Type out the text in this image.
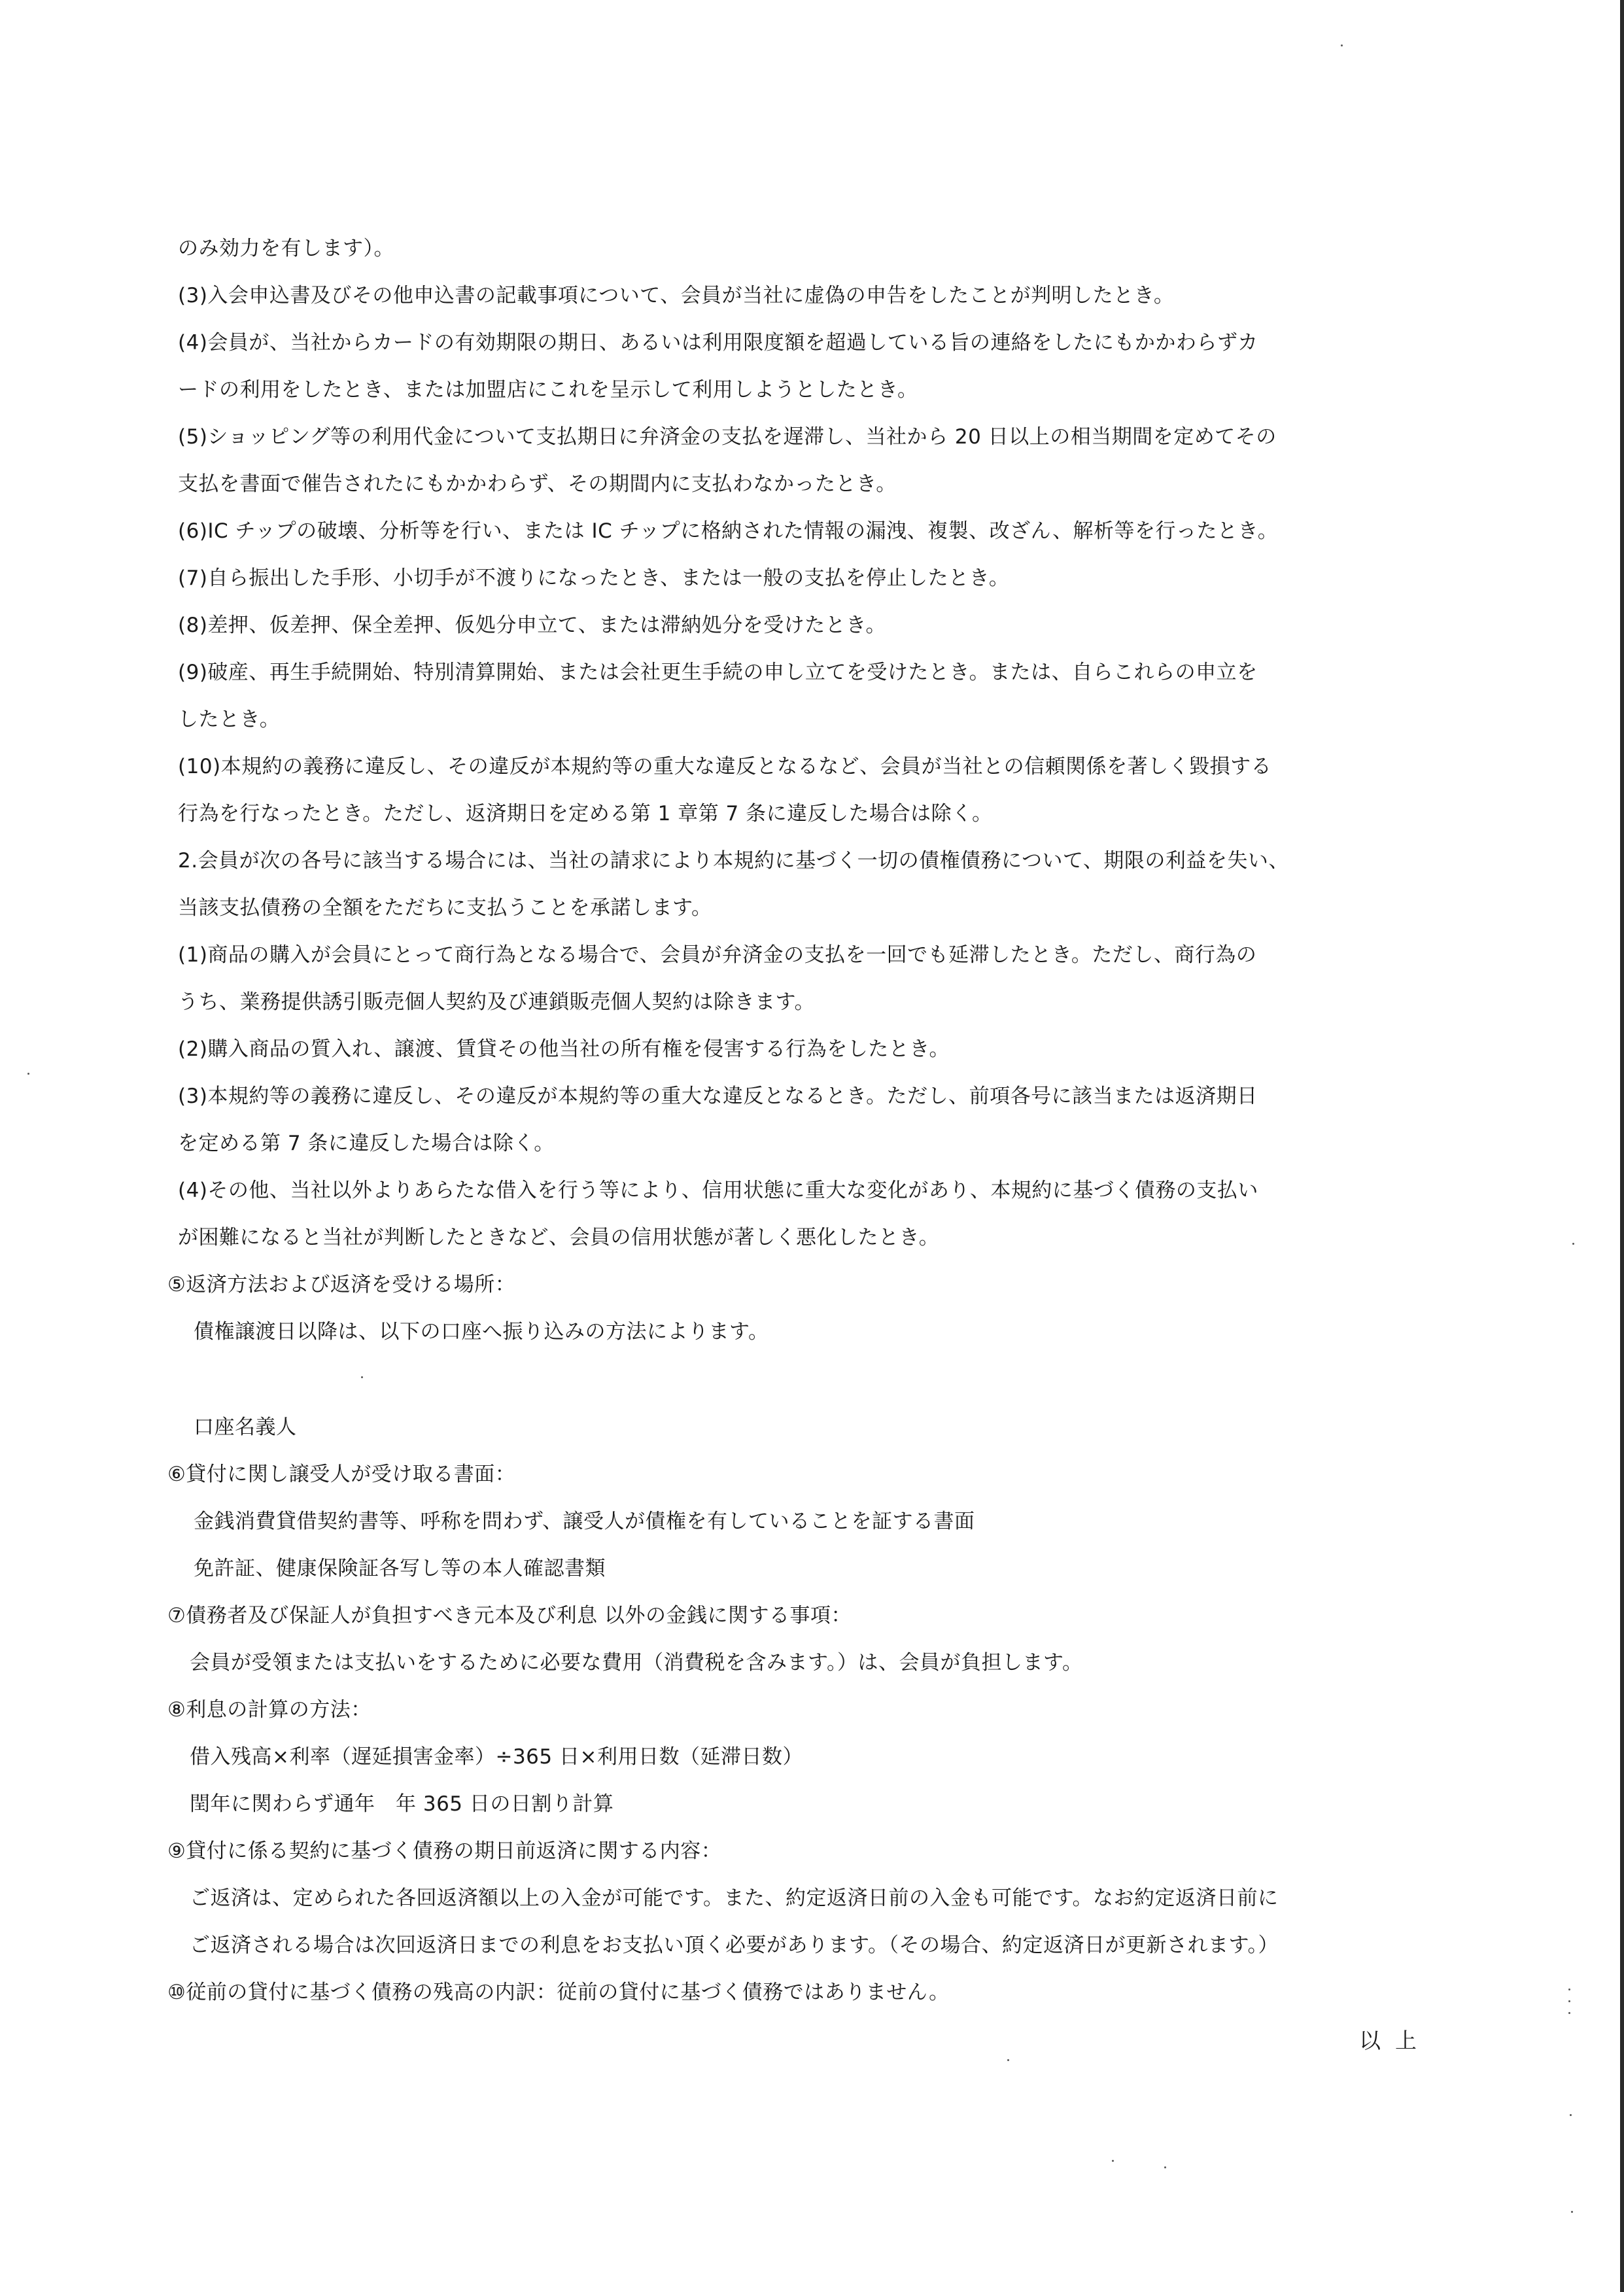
のみ効力を有します）。
(3)入会申込書及びその他申込書の記載事項について、会員が当社に虚偽の申告をしたことが判明したとき。
(4)会員が、当社からカードの有効期限の期日、あるいは利用限度額を超過している旨の連絡をしたにもかかわらずカ
ードの利用をしたとき、または加盟店にこれを呈示して利用しようとしたとき。
(5)ショッピング等の利用代金について支払期日に弁済金の支払を遅滞し、当社から 20 日以上の相当期間を定めてその
支払を書面で催告されたにもかかわらず、その期間内に支払わなかったとき。
(6)IC チップの破壊、分析等を行い、または IC チップに格納された情報の漏洩、複製、改ざん、解析等を行ったとき。
(7)自ら振出した手形、小切手が不渡りになったとき、または一般の支払を停止したとき。
(8)差押、仮差押、保全差押、仮処分申立て、または滞納処分を受けたとき。
(9)破産、再生手続開始、特別清算開始、または会社更生手続の申し立てを受けたとき。または、自らこれらの申立を
したとき。
(10)本規約の義務に違反し、その違反が本規約等の重大な違反となるなど、会員が当社との信頼関係を著しく毀損する
行為を行なったとき。ただし、返済期日を定める第 1 章第 7 条に違反した場合は除く。
2.会員が次の各号に該当する場合には、当社の請求により本規約に基づく一切の債権債務について、期限の利益を失い、
当該支払債務の全額をただちに支払うことを承諾します。
(1)商品の購入が会員にとって商行為となる場合で、会員が弁済金の支払を一回でも延滞したとき。ただし、商行為の
うち、業務提供誘引販売個人契約及び連鎖販売個人契約は除きます。
(2)購入商品の質入れ、譲渡、賃貸その他当社の所有権を侵害する行為をしたとき。
(3)本規約等の義務に違反し、その違反が本規約等の重大な違反となるとき。ただし、前項各号に該当または返済期日
を定める第 7 条に違反した場合は除く。
(4)その他、当社以外よりあらたな借入を行う等により、信用状態に重大な変化があり、本規約に基づく債務の支払い
が困難になると当社が判断したときなど、会員の信用状態が著しく悪化したとき。
⑤返済方法および返済を受ける場所：
債権譲渡日以降は、以下の口座へ振り込みの方法によります。
口座名義人
⑥貸付に関し譲受人が受け取る書面：
金銭消費貸借契約書等、呼称を問わず、譲受人が債権を有していることを証する書面
免許証、健康保険証各写し等の本人確認書類
⑦債務者及び保証人が負担すべき元本及び利息 以外の金銭に関する事項：
会員が受領または支払いをするために必要な費用（消費税を含みます。）は、会員が負担します。
⑧利息の計算の方法：
借入残高×利率（遅延損害金率）÷365 日×利用日数（延滞日数）
閏年に関わらず通年　年 365 日の日割り計算
⑨貸付に係る契約に基づく債務の期日前返済に関する内容：
ご返済は、定められた各回返済額以上の入金が可能です。また、約定返済日前の入金も可能です。なお約定返済日前に
ご返済される場合は次回返済日までの利息をお支払い頂く必要があります。（その場合、約定返済日が更新されます。）
⑩従前の貸付に基づく債務の残高の内訳：従前の貸付に基づく債務ではありません。
以上
